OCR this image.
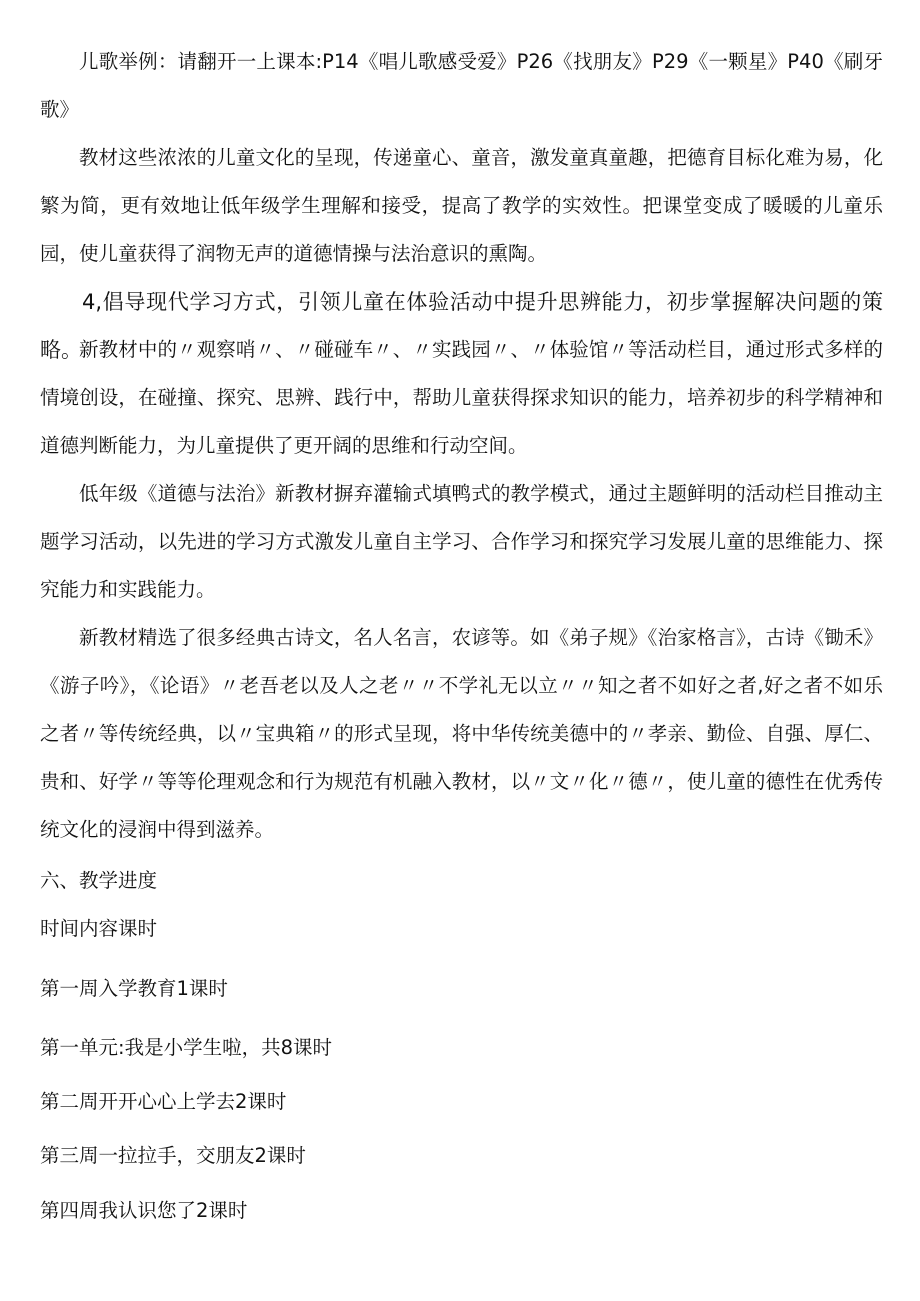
儿歌举例：请翻开一上课本:P14《唱儿歌感受爱》P26《找朋友》P29《一颗星》P40《刷牙歌》

教材这些浓浓的儿童文化的呈现，传递童心、童音，激发童真童趣，把德育目标化难为易，化繁为简，更有效地让低年级学生理解和接受，提高了教学的实效性。把课堂变成了暖暖的儿童乐园，使儿童获得了润物无声的道德情操与法治意识的熏陶。

4,倡导现代学习方式，引领儿童在体验活动中提升思辨能力，初步掌握解决问题的策略。

新教材中的〃观察哨〃、〃碰碰车〃、〃实践园〃、〃体验馆〃等活动栏目，通过形式多样的情境创设，在碰撞、探究、思辨、践行中，帮助儿童获得探求知识的能力，培养初步的科学精神和道德判断能力，为儿童提供了更开阔的思维和行动空间。

低年级《道德与法治》新教材摒弃灌输式填鸭式的教学模式，通过主题鲜明的活动栏目推动主题学习活动，以先进的学习方式激发儿童自主学习、合作学习和探究学习发展儿童的思维能力、探究能力和实践能力。

新教材精选了很多经典古诗文，名人名言，农谚等。如《弟子规》《治家格言》，古诗《锄禾》《游子吟》，《论语》〃老吾老以及人之老〃〃不学礼无以立〃〃知之者不如好之者,好之者不如乐之者〃等传统经典，以〃宝典箱〃的形式呈现，将中华传统美德中的〃孝亲、勤俭、自强、厚仁、贵和、好学〃等等伦理观念和行为规范有机融入教材，以〃文〃化〃德〃，使儿童的德性在优秀传统文化的浸润中得到滋养。

六、教学进度

时间内容课时

第一周入学教育1课时

第一单元:我是小学生啦，共8课时

第二周开开心心上学去2课时

第三周一拉拉手，交朋友2课时

第四周我认识您了2课时
